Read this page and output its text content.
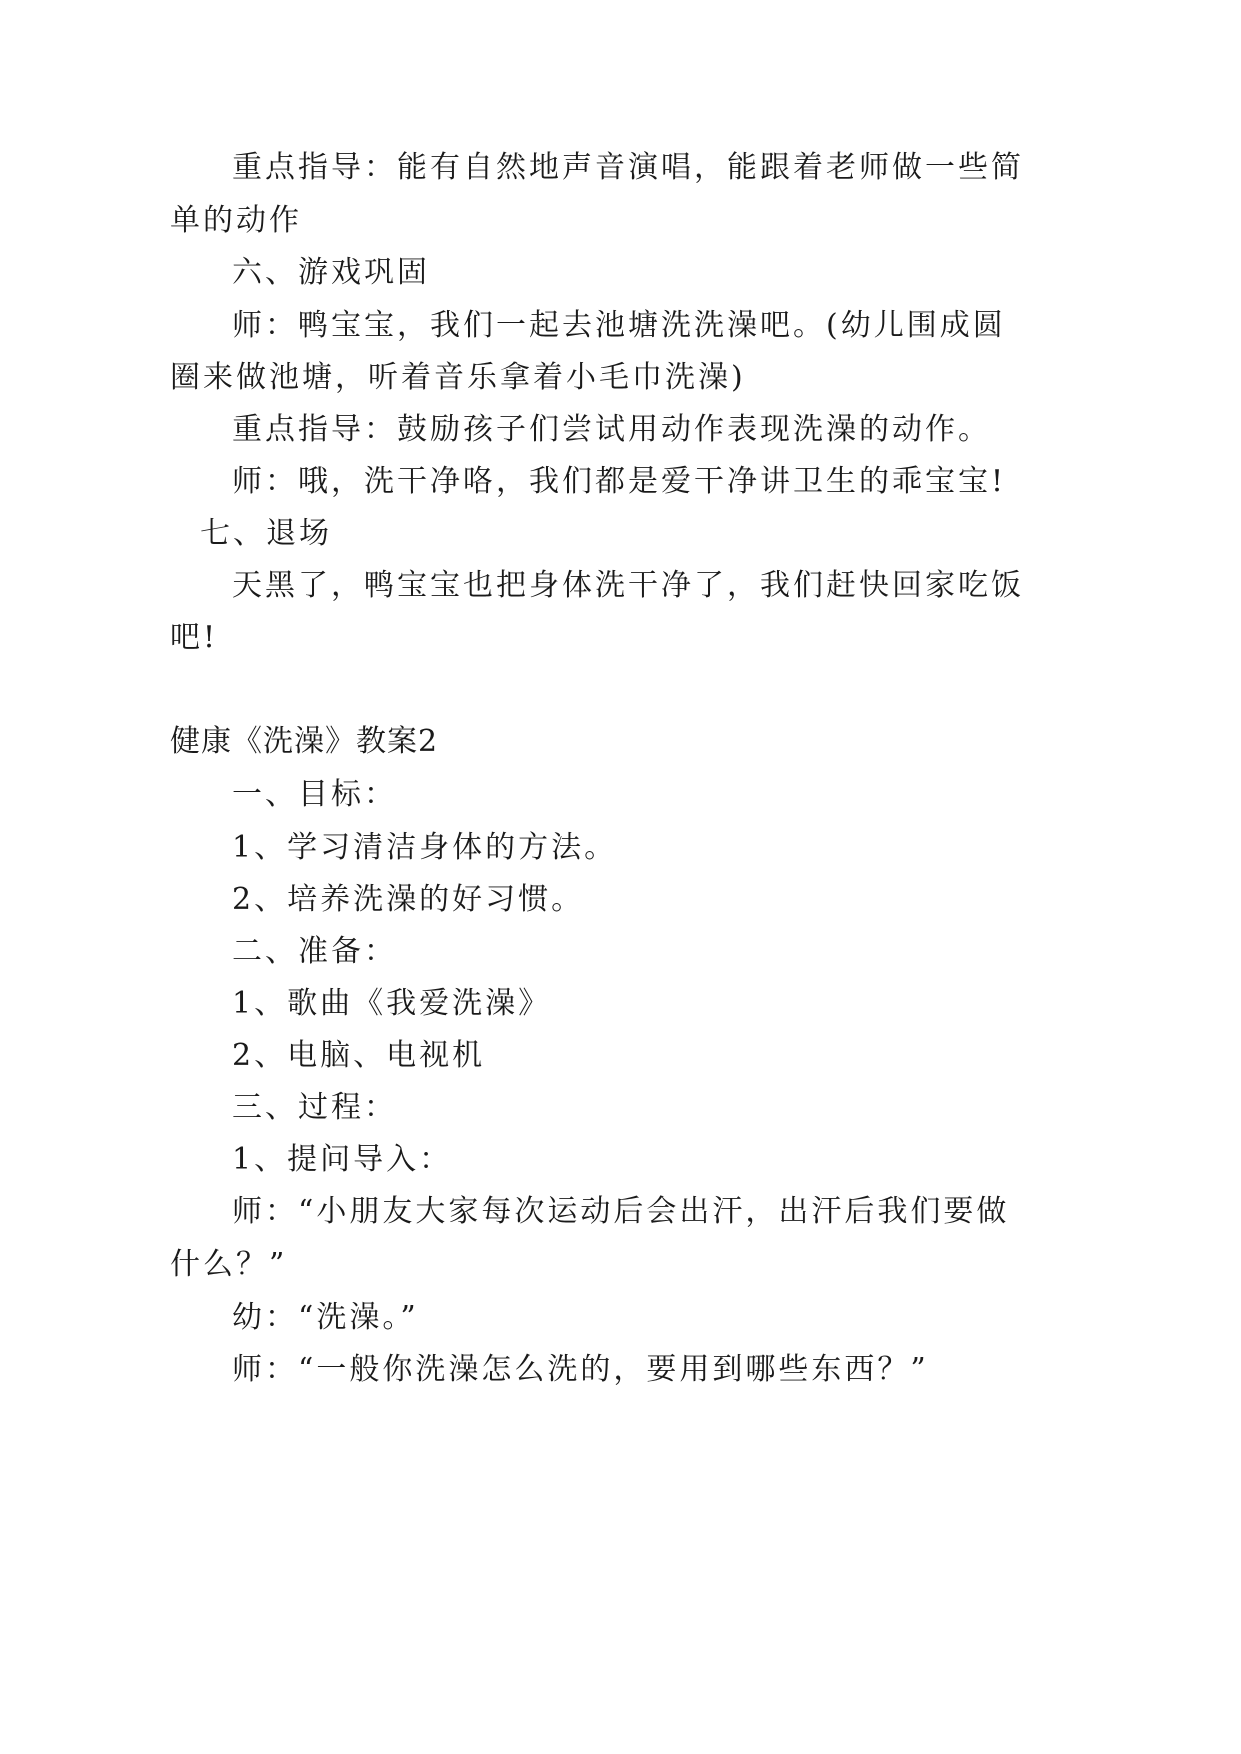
重点指导：能有自然地声音演唱，能跟着老师做一些简
单的动作
六、游戏巩固
师：鸭宝宝，我们一起去池塘洗洗澡吧。(幼儿围成圆
圈来做池塘，听着音乐拿着小毛巾洗澡)
重点指导：鼓励孩子们尝试用动作表现洗澡的动作。
师：哦，洗干净咯，我们都是爱干净讲卫生的乖宝宝!
七、退场
天黑了，鸭宝宝也把身体洗干净了，我们赶快回家吃饭
吧!
健康《洗澡》教案2
一、目标：
1、学习清洁身体的方法。
2、培养洗澡的好习惯。
二、准备：
1、歌曲《我爱洗澡》
2、电脑、电视机
三、过程：
1、提问导入：
师：“小朋友大家每次运动后会出汗，出汗后我们要做
什么？”
幼：“洗澡。”
师：“一般你洗澡怎么洗的，要用到哪些东西？”
